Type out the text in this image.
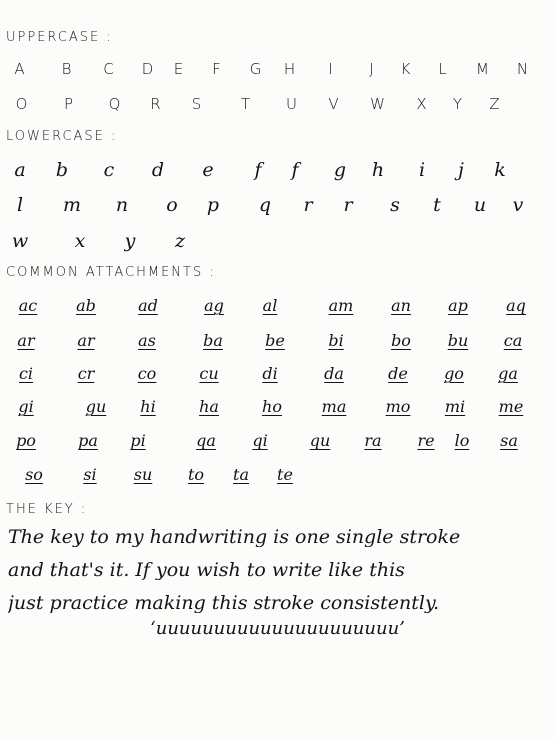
UPPERCASE :
A B C D E F G H I J K L M N
O P Q R S	T U V W X Y Z
LOWERCASE :
a b c d e f f g h i j k
l m n o p q r r s t u v
w x y z
COMMON ATTACHMENTS :
ac ab	ad	ag al	am an ap aq
ar	ar	as	ba	be	bi	bo bu ca
ci	cr	co	cu	di	da	de go ga
gi	gu hi	ha	ho ma mo mi me
po	pa pi	qa qi	qu ra re lo sa
so	si su to ta te
THE KEY :
The key to my handwriting is one single stroke
and that's it. If you wish to write like this
just practice making this stroke consistently.
‘uuuuuuuuuuuuuuuuuuuuu’
